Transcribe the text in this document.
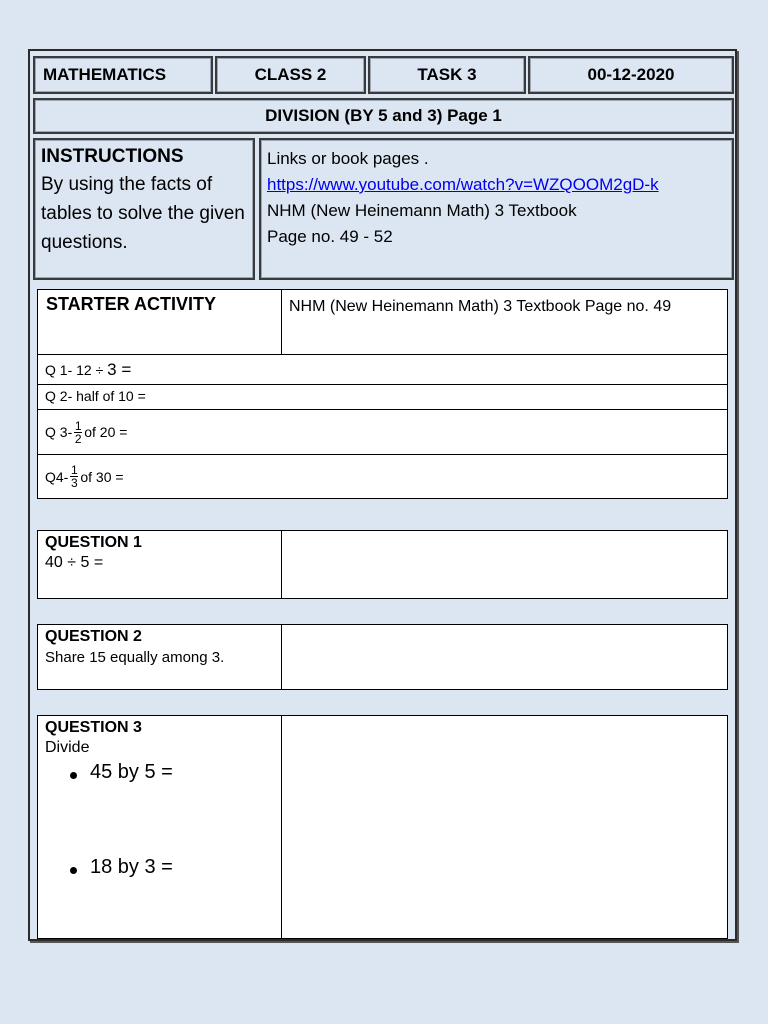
MATHEMATICS	CLASS 2	TASK 3	00-12-2020
DIVISION (BY 5 and 3) Page 1
INSTRUCTIONS
By using the facts of tables to solve the given questions.
Links or book pages .
https://www.youtube.com/watch?v=WZQOOM2gD-k
NHM (New Heinemann Math) 3 Textbook
Page no. 49 - 52
STARTER ACTIVITY	NHM (New Heinemann Math) 3 Textbook Page no. 49
Q 1- 12 ÷ 3 =
Q 2- half of 10 =
Q $3- \frac{1}{2}$ of 20 =
$Q4- \frac{1}{3}$ of 30 =
QUESTION 1
40 ÷ 5 =
QUESTION 2
Share 15 equally among 3.
QUESTION 3
Divide
45 by 5 =
18 by 3 =
